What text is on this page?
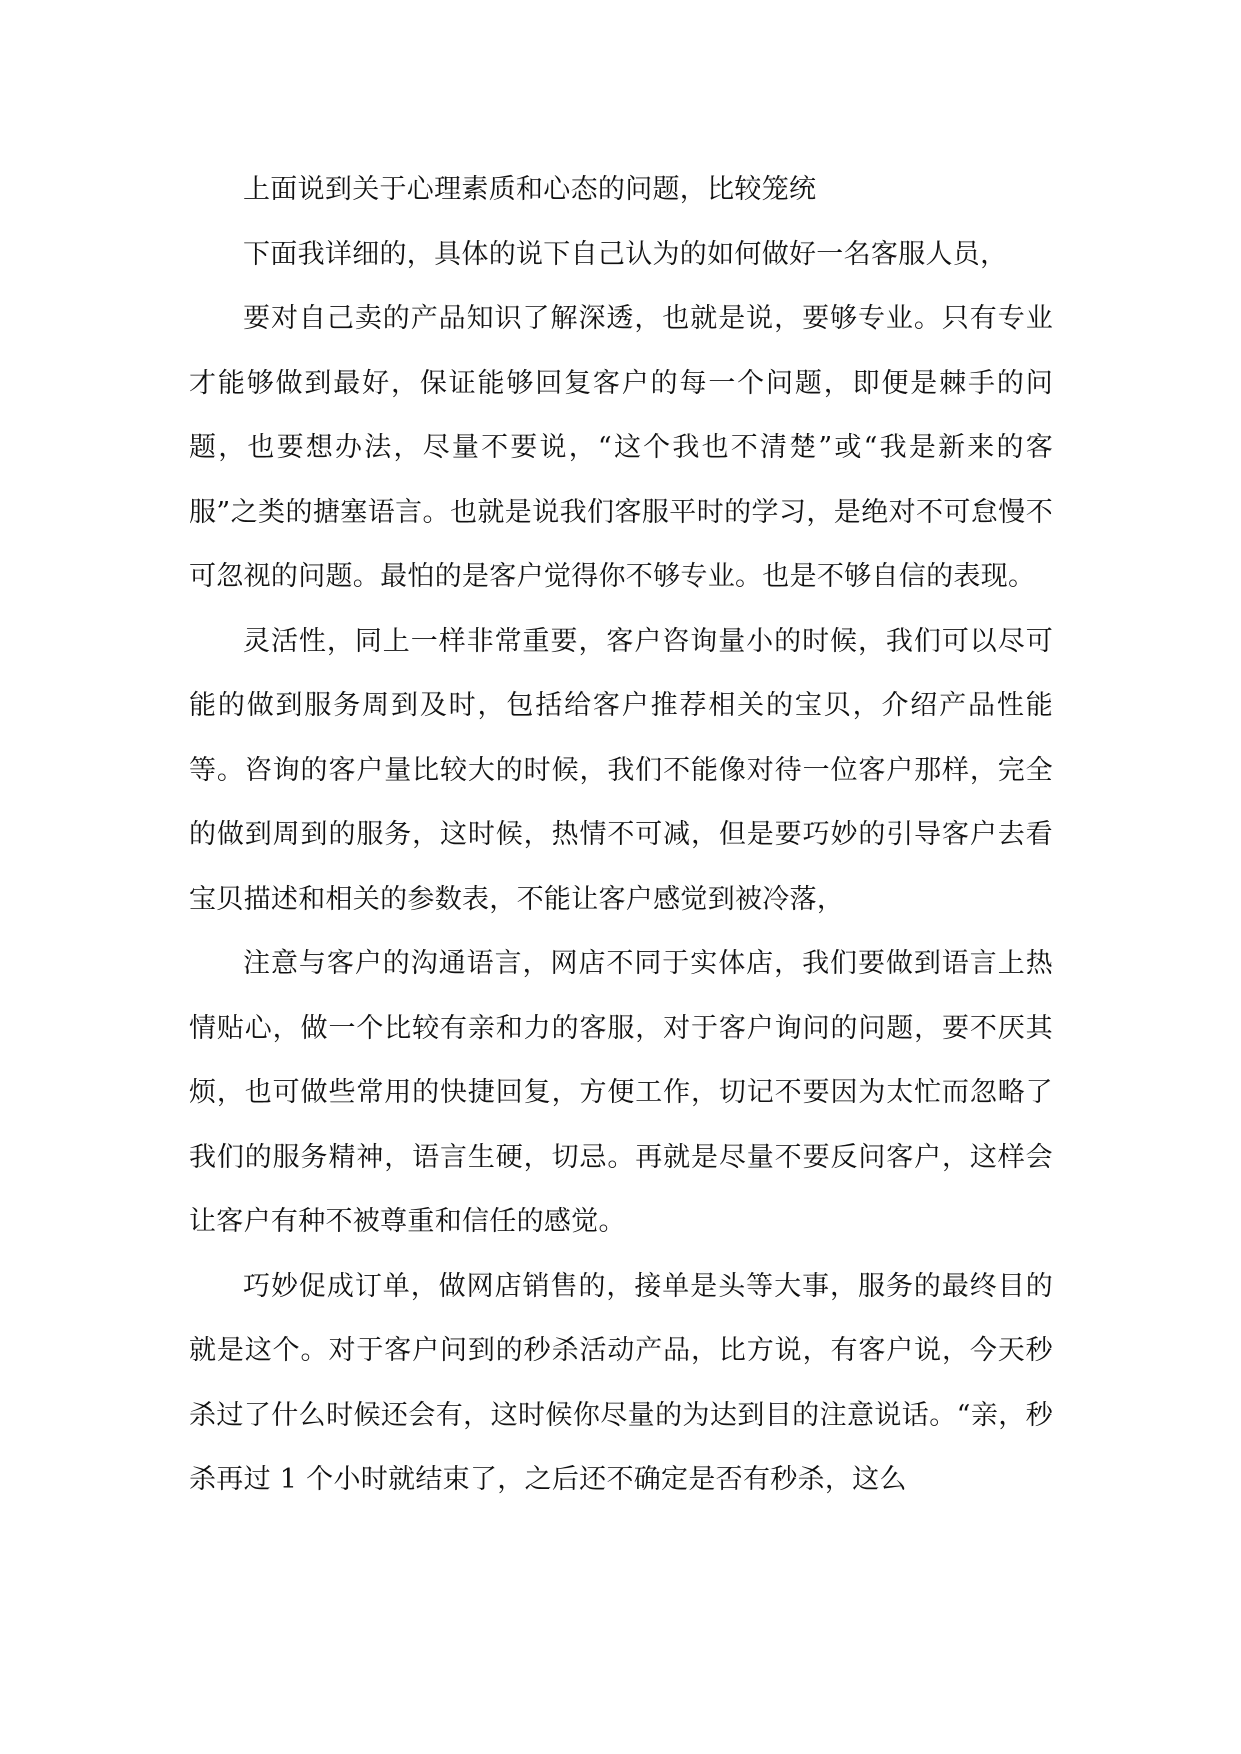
上面说到关于心理素质和心态的问题，比较笼统

下面我详细的，具体的说下自己认为的如何做好一名客服人员，

要对自己卖的产品知识了解深透，也就是说，要够专业。只有专业才能够做到最好，保证能够回复客户的每一个问题，即便是棘手的问题，也要想办法，尽量不要说，“这个我也不清楚”或“我是新来的客服”之类的搪塞语言。也就是说我们客服平时的学习，是绝对不可怠慢不可忽视的问题。最怕的是客户觉得你不够专业。也是不够自信的表现。

灵活性，同上一样非常重要，客户咨询量小的时候，我们可以尽可能的做到服务周到及时，包括给客户推荐相关的宝贝，介绍产品性能等。咨询的客户量比较大的时候，我们不能像对待一位客户那样，完全的做到周到的服务，这时候，热情不可减，但是要巧妙的引导客户去看宝贝描述和相关的参数表，不能让客户感觉到被冷落，

注意与客户的沟通语言，网店不同于实体店，我们要做到语言上热情贴心，做一个比较有亲和力的客服，对于客户询问的问题，要不厌其烦，也可做些常用的快捷回复，方便工作，切记不要因为太忙而忽略了我们的服务精神，语言生硬，切忌。再就是尽量不要反问客户，这样会让客户有种不被尊重和信任的感觉。

巧妙促成订单，做网店销售的，接单是头等大事，服务的最终目的就是这个。对于客户问到的秒杀活动产品，比方说，有客户说，今天秒杀过了什么时候还会有，这时候你尽量的为达到目的注意说话。“亲，秒杀再过 1 个小时就结束了，之后还不确定是否有秒杀，这么
